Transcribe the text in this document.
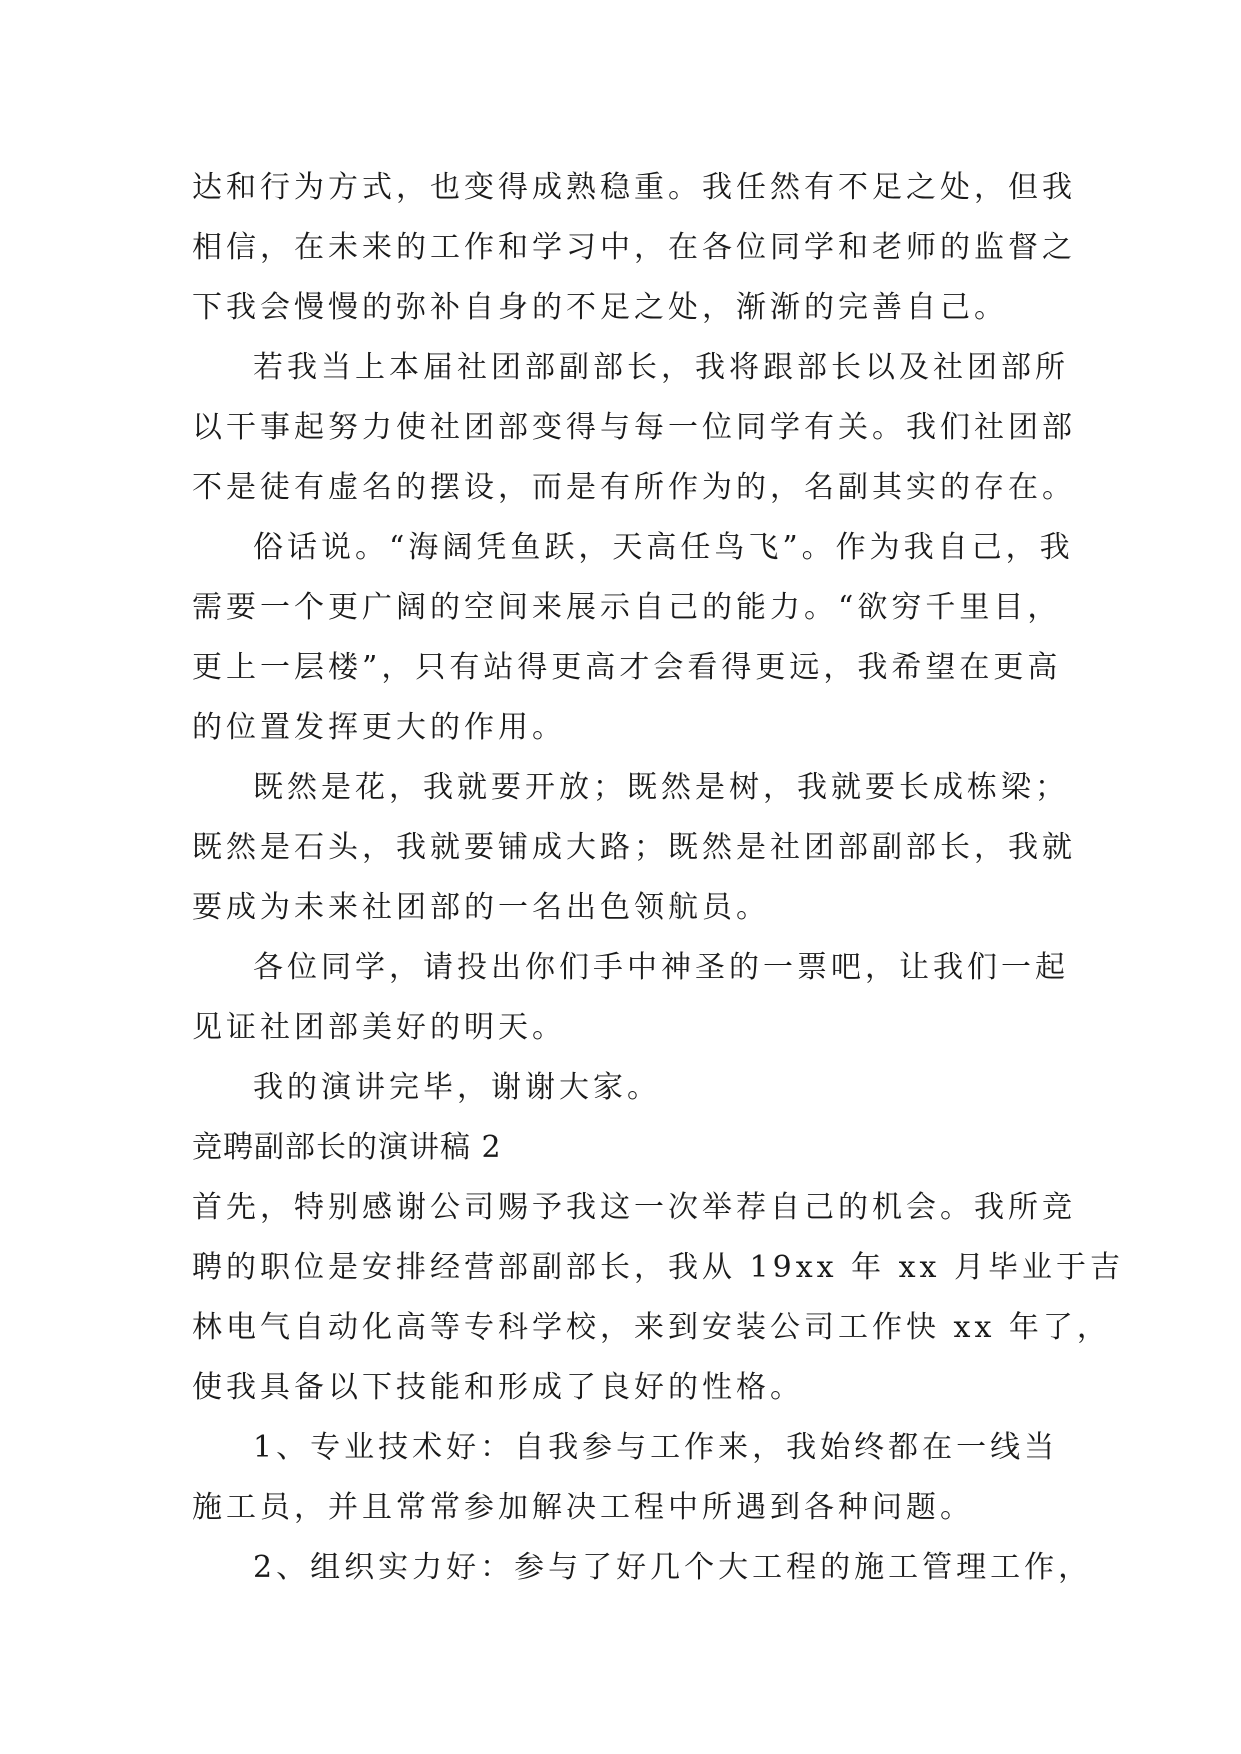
达和行为方式，也变得成熟稳重。我任然有不足之处，但我
相信，在未来的工作和学习中，在各位同学和老师的监督之
下我会慢慢的弥补自身的不足之处，渐渐的完善自己。
若我当上本届社团部副部长，我将跟部长以及社团部所
以干事起努力使社团部变得与每一位同学有关。我们社团部
不是徒有虚名的摆设，而是有所作为的，名副其实的存在。
俗话说。“海阔凭鱼跃，天高任鸟飞”。作为我自己，我
需要一个更广阔的空间来展示自己的能力。“欲穷千里目，
更上一层楼”，只有站得更高才会看得更远，我希望在更高
的位置发挥更大的作用。
既然是花，我就要开放；既然是树，我就要长成栋梁；
既然是石头，我就要铺成大路；既然是社团部副部长，我就
要成为未来社团部的一名出色领航员。
各位同学，请投出你们手中神圣的一票吧，让我们一起
见证社团部美好的明天。
我的演讲完毕，谢谢大家。
竞聘副部长的演讲稿 2
首先，特别感谢公司赐予我这一次举荐自己的机会。我所竞
聘的职位是安排经营部副部长，我从 19xx 年 xx 月毕业于吉
林电气自动化高等专科学校，来到安装公司工作快 xx 年了，
使我具备以下技能和形成了良好的性格。
1、专业技术好：自我参与工作来，我始终都在一线当
施工员，并且常常参加解决工程中所遇到各种问题。
2、组织实力好：参与了好几个大工程的施工管理工作，
